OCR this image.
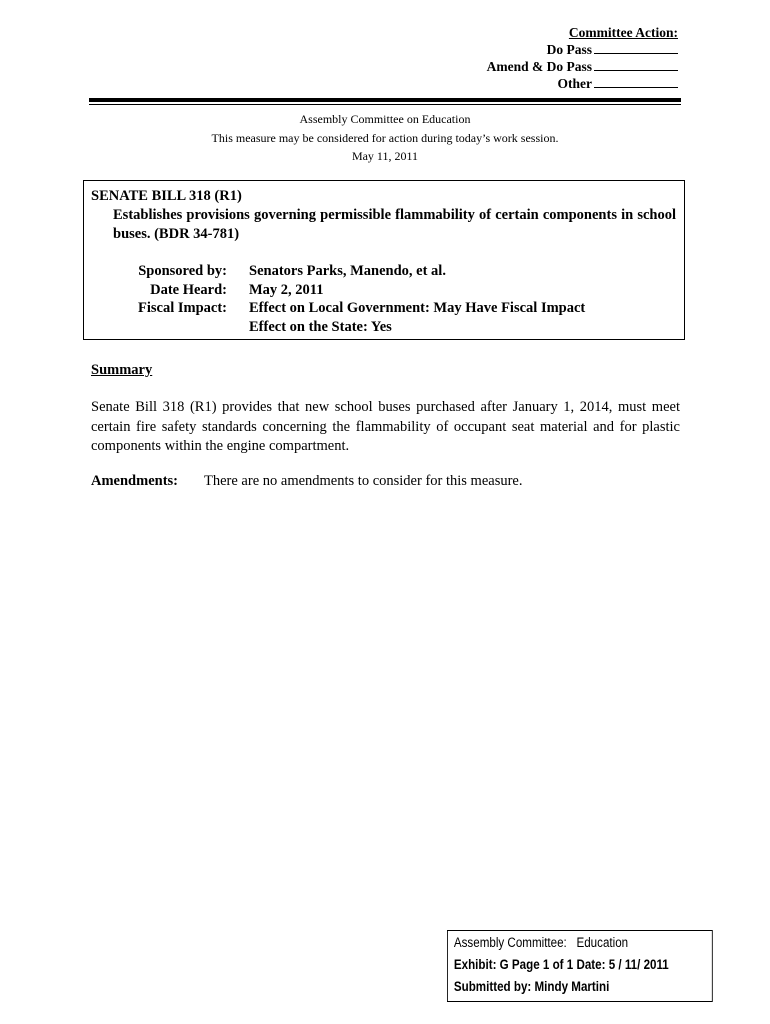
Committee Action:
Do Pass
Amend & Do Pass
Other
Assembly Committee on Education
This measure may be considered for action during today’s work session.
May 11, 2011
SENATE BILL 318 (R1)
Establishes provisions governing permissible flammability of certain components in school buses. (BDR 34-781)
Sponsored by: Senators Parks, Manendo, et al.
Date Heard: May 2, 2011
Fiscal Impact: Effect on Local Government: May Have Fiscal Impact
Effect on the State: Yes
Summary
Senate Bill 318 (R1) provides that new school buses purchased after January 1, 2014, must meet certain fire safety standards concerning the flammability of occupant seat material and for plastic components within the engine compartment.
Amendments:	There are no amendments to consider for this measure.
Assembly Committee: Education
Exhibit: G Page 1 of 1 Date: 5 / 11/ 2011
Submitted by: Mindy Martini
